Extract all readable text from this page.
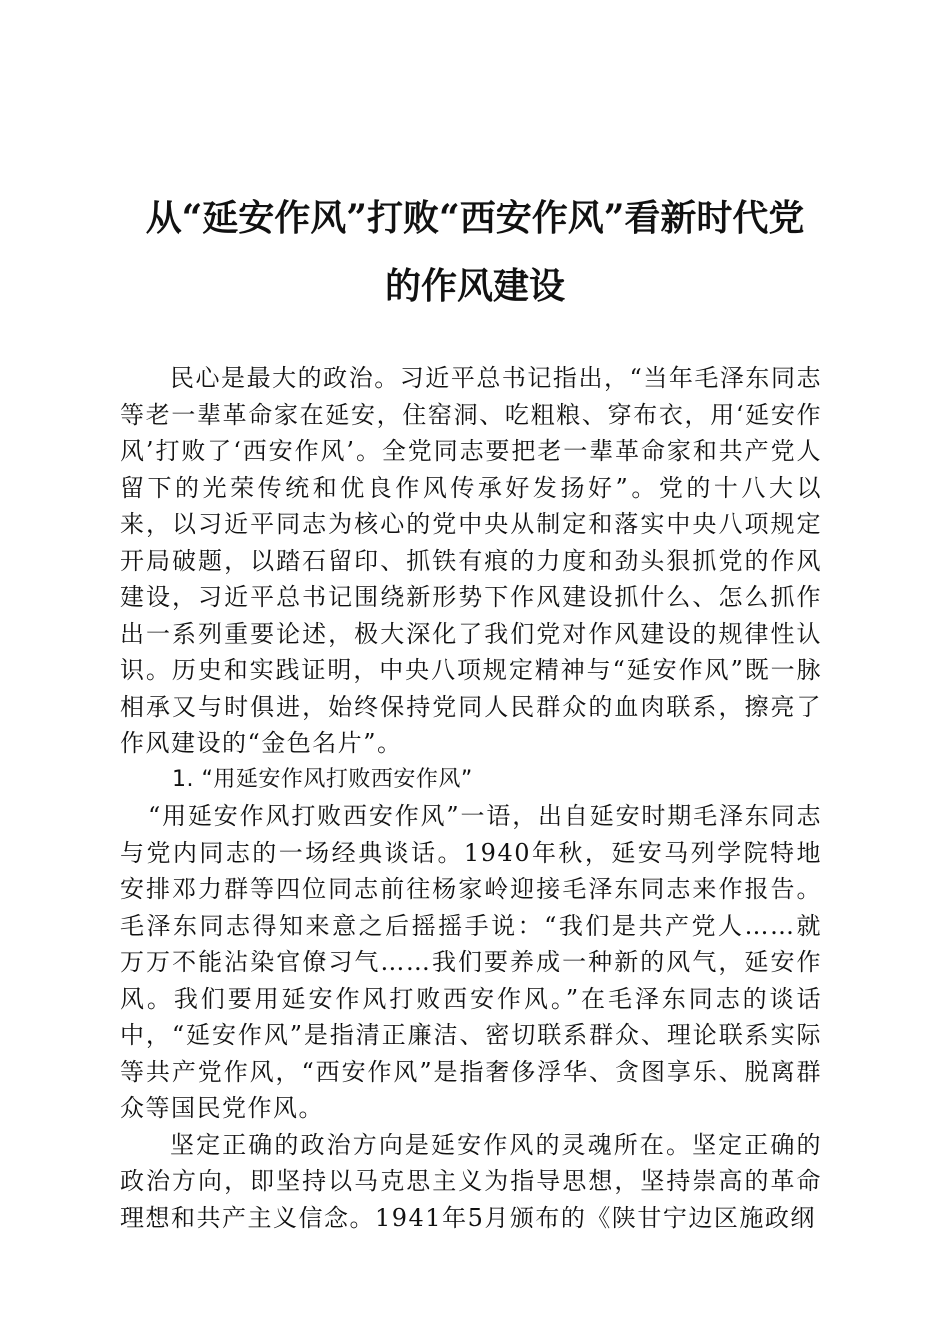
从“延安作风”打败“西安作风”看新时代党
的作风建设

民心是最大的政治。习近平总书记指出，“当年毛泽东同志等老一辈革命家在延安，住窑洞、吃粗粮、穿布衣，用‘延安作风’打败了‘西安作风’。全党同志要把老一辈革命家和共产党人留下的光荣传统和优良作风传承好发扬好”。党的十八大以来，以习近平同志为核心的党中央从制定和落实中央八项规定开局破题，以踏石留印、抓铁有痕的力度和劲头狠抓党的作风建设，习近平总书记围绕新形势下作风建设抓什么、怎么抓作出一系列重要论述，极大深化了我们党对作风建设的规律性认识。历史和实践证明，中央八项规定精神与“延安作风”既一脉相承又与时俱进，始终保持党同人民群众的血肉联系，擦亮了作风建设的“金色名片”。

1. “用延安作风打败西安作风”

“用延安作风打败西安作风”一语，出自延安时期毛泽东同志与党内同志的一场经典谈话。1940年秋，延安马列学院特地安排邓力群等四位同志前往杨家岭迎接毛泽东同志来作报告。毛泽东同志得知来意之后摇摇手说：“我们是共产党人……就万万不能沾染官僚习气……我们要养成一种新的风气，延安作风。我们要用延安作风打败西安作风。”在毛泽东同志的谈话中，“延安作风”是指清正廉洁、密切联系群众、理论联系实际等共产党作风，“西安作风”是指奢侈浮华、贪图享乐、脱离群众等国民党作风。

坚定正确的政治方向是延安作风的灵魂所在。坚定正确的政治方向，即坚持以马克思主义为指导思想，坚持崇高的革命理想和共产主义信念。1941年5月颁布的《陕甘宁边区施政纲
